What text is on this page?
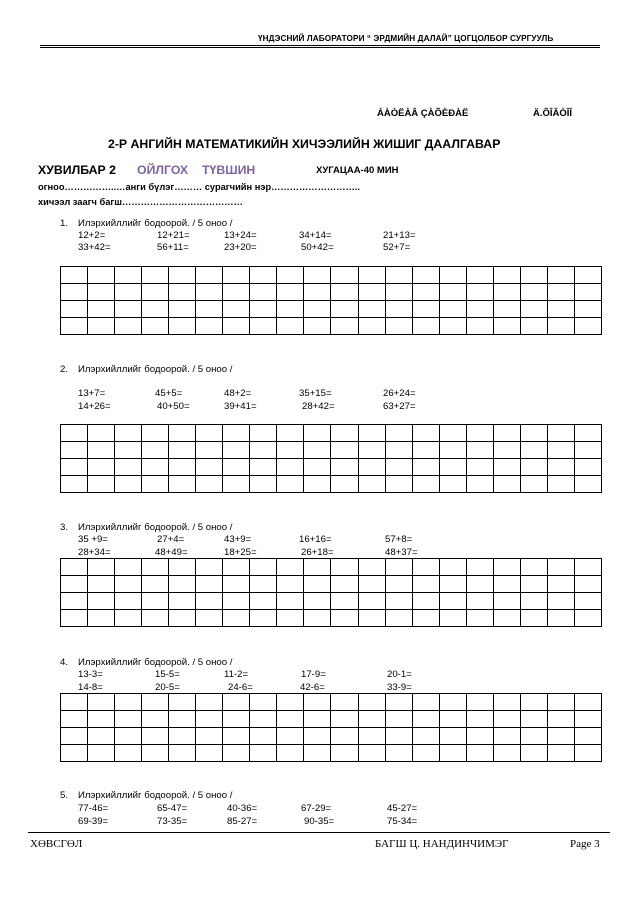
ҮНДЭСНИЙ ЛАБОРАТОРИ “ ЭРДМИЙН ДАЛАЙ” ЦОГЦОЛБОР СУРГУУЛЬ
ÁÀÒËÀÂ ÇÀÕÈÐÀË	Ä.ÕÎÂÒÎÎ
2-Р АНГИЙН МАТЕМАТИКИЙН ХИЧЭЭЛИЙН ЖИШИГ ДААЛГАВАР
ХУВИЛБАР 2 ОЙЛГОХ ТҮВШИН	ХУГАЦАА‑40 МИН
огноо……………..…анги бүлэг……… сурагчийн нэр………………………..
хичээл заагч багш…………………………………
1. Илэрхийллийг бодоорой. / 5 оноо /
12+2=	12+21=	13+24=	34+14=	21+13=
33+42=	56+11=	23+20=	50+42=	52+7=

2. Илэрхийллийг бодоорой. / 5 оноо /
13+7=	45+5=	48+2=	35+15=	26+24=
14+26=	40+50=	39+41=	28+42=	63+27=

3. Илэрхийллийг бодоорой. / 5 оноо /
35 +9=	27+4=	43+9=	16+16=	57+8=
28+34=	48+49=	18+25=	26+18=	48+37=

4. Илэрхийллийг бодоорой. / 5 оноо /
13-3=	15-5=	11-2=	17-9=	20-1=
14-8=	20-5=	24-6=	42-6=	33-9=

5. Илэрхийллийг бодоорой. / 5 оноо /
77-46=	65-47=	40-36=	67-29=	45-27=
69-39=	73-35=	85-27=	90-35=	75-34=
ХӨВСГӨЛ	БАГШ Ц. НАНДИНЧИМЭГ	Page 3
